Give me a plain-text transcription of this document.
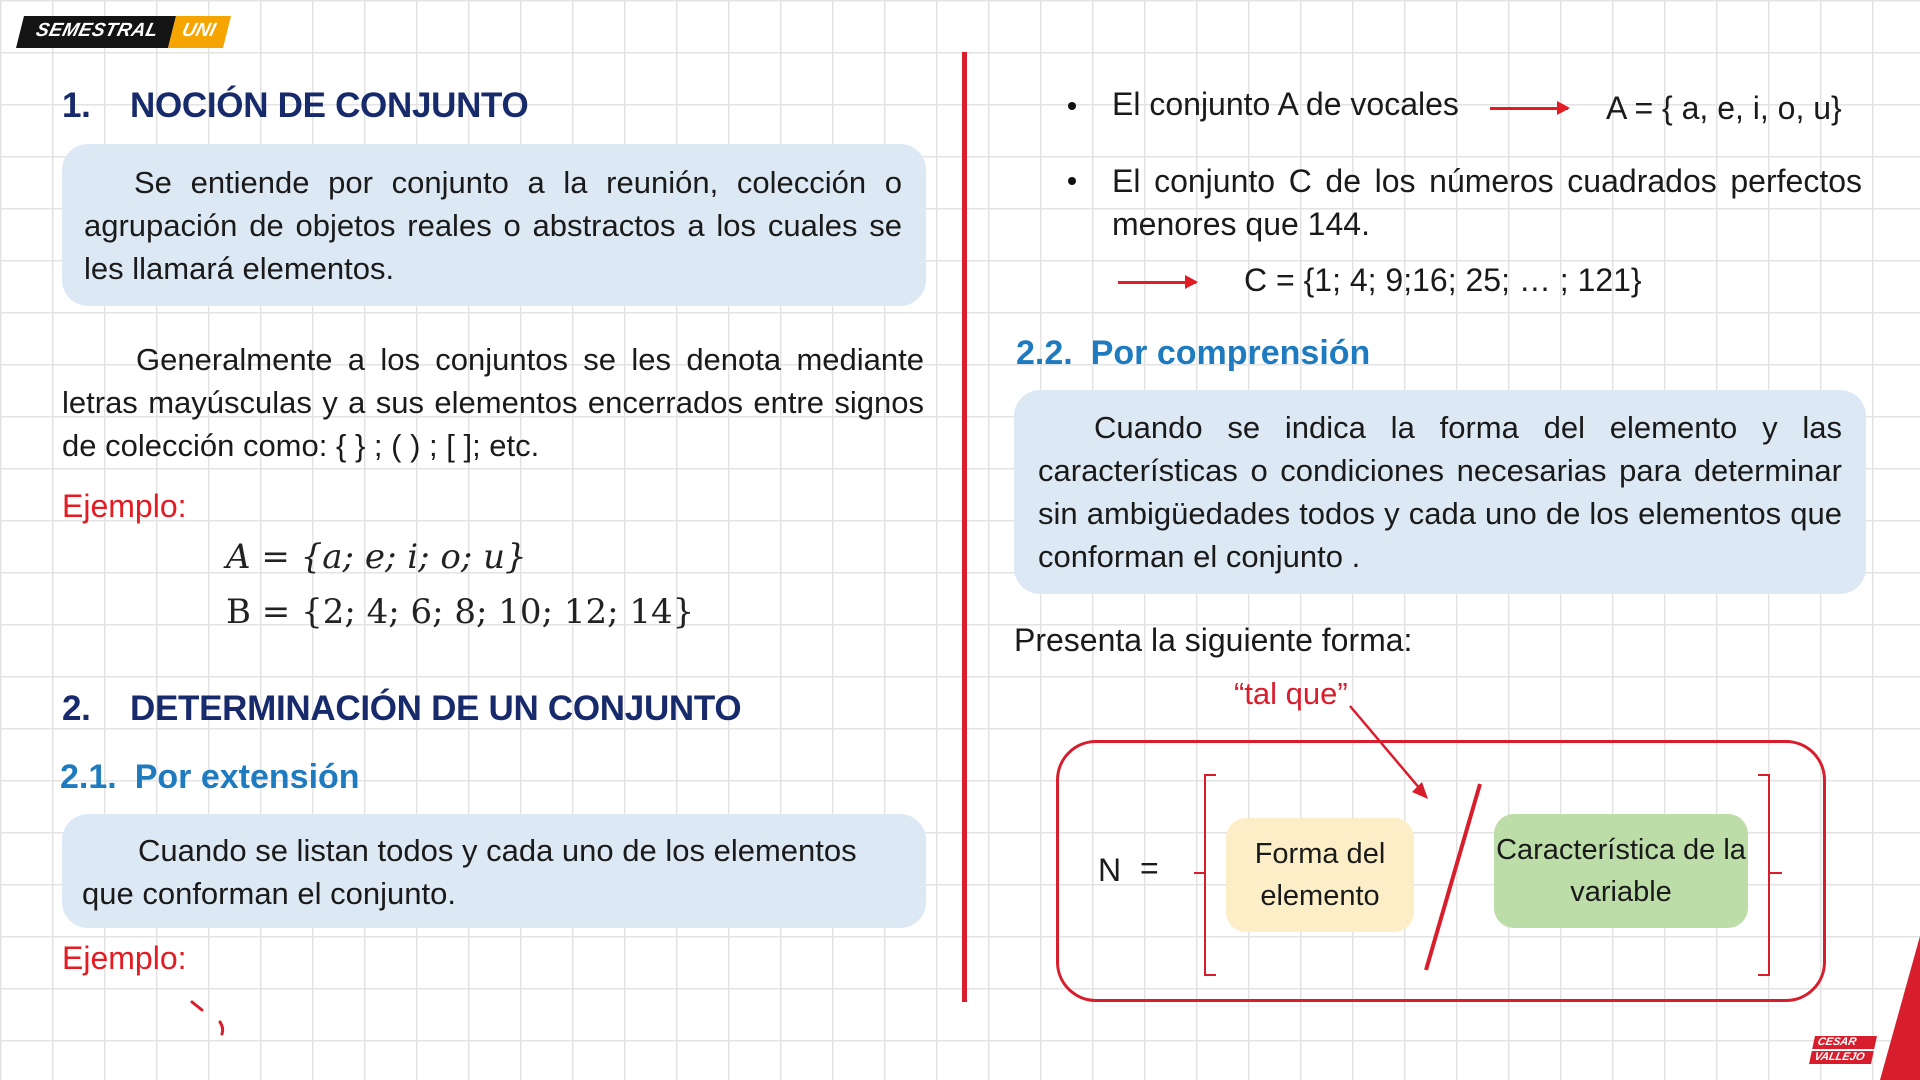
SEMESTRAL UNI
1. NOCIÓN DE CONJUNTO
Se entiende por conjunto a la reunión, colección o agrupación de objetos reales o abstractos a los cuales se les llamará elementos.
Generalmente a los conjuntos se les denota mediante letras mayúsculas y a sus elementos encerrados entre signos de colección como: { } ; ( ) ; [ ]; etc.
Ejemplo:
A = {a; e; i; o; u}
B = {2; 4; 6; 8; 10; 12; 14}
2. DETERMINACIÓN DE UN CONJUNTO
2.1. Por extensión
Cuando se listan todos y cada uno de los elementos que conforman el conjunto.
Ejemplo:
El conjunto A de vocales	A = { a, e, i, o, u}
El conjunto C de los números cuadrados perfectos menores que 144.
C = {1; 4; 9;16; 25; … ; 121}
2.2. Por comprensión
Cuando se indica la forma del elemento y las características o condiciones necesarias para determinar sin ambigüedades todos y cada uno de los elementos que conforman el conjunto .
Presenta la siguiente forma:
“tal que”
N =	Forma del elemento
Característica de la variable
CESAR
VALLEJO
